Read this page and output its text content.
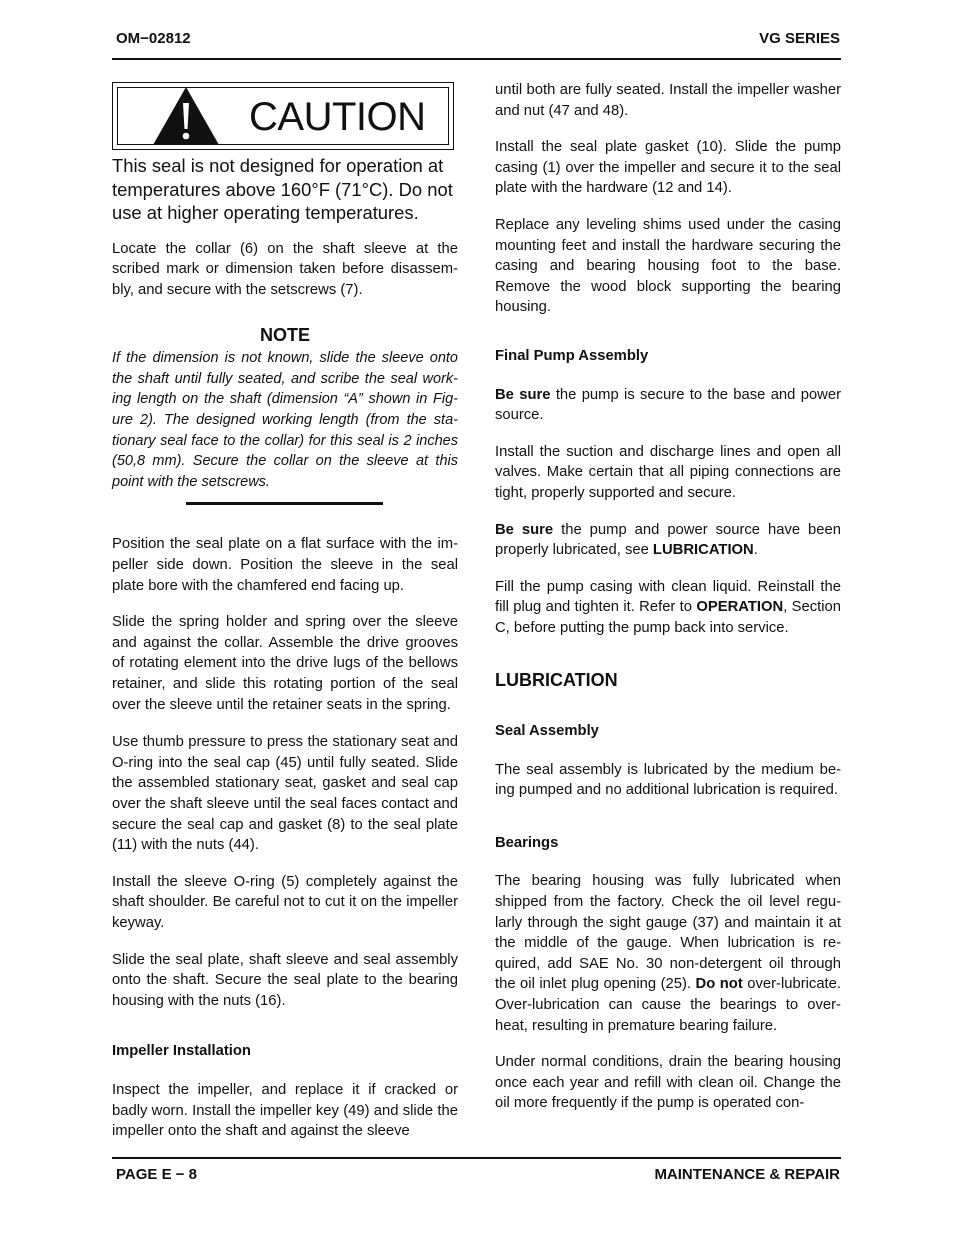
OM−02812	VG SERIES
CAUTION

This seal is not designed for operation at temperatures above 160°F (71°C). Do not use at higher operating temperatures.

Locate the collar (6) on the shaft sleeve at the scribed mark or dimension taken before disassembly, and secure with the setscrews (7).

NOTE
If the dimension is not known, slide the sleeve onto the shaft until fully seated, and scribe the seal working length on the shaft (dimension “A” shown in Figure 2). The designed working length (from the stationary seal face to the collar) for this seal is 2 inches (50,8 mm). Secure the collar on the sleeve at this point with the setscrews.

Position the seal plate on a flat surface with the impeller side down. Position the sleeve in the seal plate bore with the chamfered end facing up.

Slide the spring holder and spring over the sleeve and against the collar. Assemble the drive grooves of rotating element into the drive lugs of the bellows retainer, and slide this rotating portion of the seal over the sleeve until the retainer seats in the spring.

Use thumb pressure to press the stationary seat and O-ring into the seal cap (45) until fully seated. Slide the assembled stationary seat, gasket and seal cap over the shaft sleeve until the seal faces contact and secure the seal cap and gasket (8) to the seal plate (11) with the nuts (44).

Install the sleeve O-ring (5) completely against the shaft shoulder. Be careful not to cut it on the impeller keyway.

Slide the seal plate, shaft sleeve and seal assembly onto the shaft. Secure the seal plate to the bearing housing with the nuts (16).

Impeller Installation

Inspect the impeller, and replace it if cracked or badly worn. Install the impeller key (49) and slide the impeller onto the shaft and against the sleeve

until both are fully seated. Install the impeller washer and nut (47 and 48).

Install the seal plate gasket (10). Slide the pump casing (1) over the impeller and secure it to the seal plate with the hardware (12 and 14).

Replace any leveling shims used under the casing mounting feet and install the hardware securing the casing and bearing housing foot to the base. Remove the wood block supporting the bearing housing.

Final Pump Assembly

Be sure the pump is secure to the base and power source.

Install the suction and discharge lines and open all valves. Make certain that all piping connections are tight, properly supported and secure.

Be sure the pump and power source have been properly lubricated, see LUBRICATION.

Fill the pump casing with clean liquid. Reinstall the fill plug and tighten it. Refer to OPERATION, Section C, before putting the pump back into service.

LUBRICATION
Seal Assembly

The seal assembly is lubricated by the medium being pumped and no additional lubrication is required.

Bearings

The bearing housing was fully lubricated when shipped from the factory. Check the oil level regularly through the sight gauge (37) and maintain it at the middle of the gauge. When lubrication is required, add SAE No. 30 non-detergent oil through the oil inlet plug opening (25). Do not over-lubricate. Over-lubrication can cause the bearings to over-heat, resulting in premature bearing failure.

Under normal conditions, drain the bearing housing once each year and refill with clean oil. Change the oil more frequently if the pump is operated con-

PAGE E − 8	MAINTENANCE & REPAIR
